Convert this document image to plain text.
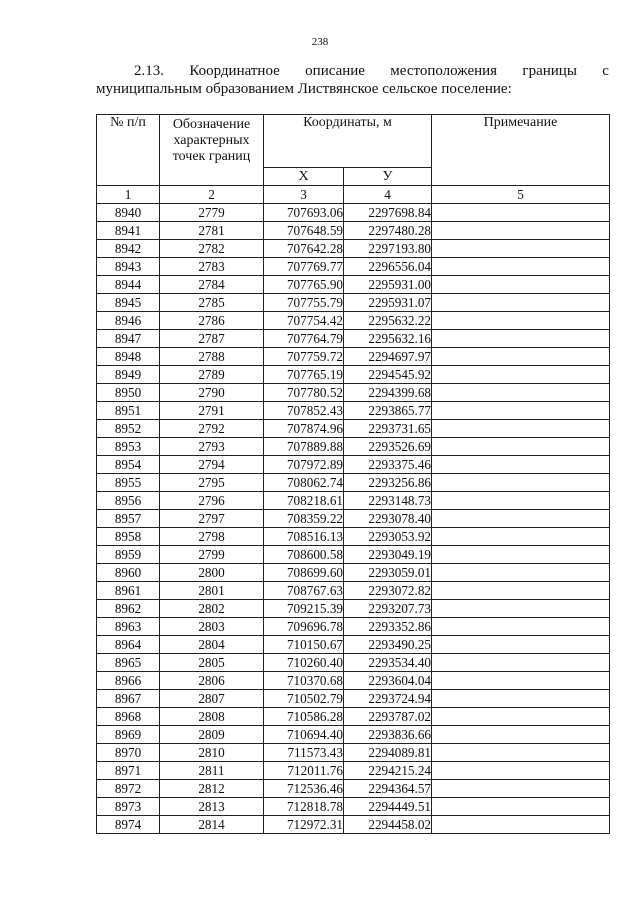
238
2.13. Координатное описание местоположения границы с
муниципальным образованием Листвянское сельское поселение:
№ п/п	Обозначение характерных точек границ	Координаты, м		Примечание
		Х	У	
1	2	3	4	5
8940	2779	707693.06	2297698.84	
8941	2781	707648.59	2297480.28	
8942	2782	707642.28	2297193.80	
8943	2783	707769.77	2296556.04	
8944	2784	707765.90	2295931.00	
8945	2785	707755.79	2295931.07	
8946	2786	707754.42	2295632.22	
8947	2787	707764.79	2295632.16	
8948	2788	707759.72	2294697.97	
8949	2789	707765.19	2294545.92	
8950	2790	707780.52	2294399.68	
8951	2791	707852.43	2293865.77	
8952	2792	707874.96	2293731.65	
8953	2793	707889.88	2293526.69	
8954	2794	707972.89	2293375.46	
8955	2795	708062.74	2293256.86	
8956	2796	708218.61	2293148.73	
8957	2797	708359.22	2293078.40	
8958	2798	708516.13	2293053.92	
8959	2799	708600.58	2293049.19	
8960	2800	708699.60	2293059.01	
8961	2801	708767.63	2293072.82	
8962	2802	709215.39	2293207.73	
8963	2803	709696.78	2293352.86	
8964	2804	710150.67	2293490.25	
8965	2805	710260.40	2293534.40	
8966	2806	710370.68	2293604.04	
8967	2807	710502.79	2293724.94	
8968	2808	710586.28	2293787.02	
8969	2809	710694.40	2293836.66	
8970	2810	711573.43	2294089.81	
8971	2811	712011.76	2294215.24	
8972	2812	712536.46	2294364.57	
8973	2813	712818.78	2294449.51	
8974	2814	712972.31	2294458.02	
